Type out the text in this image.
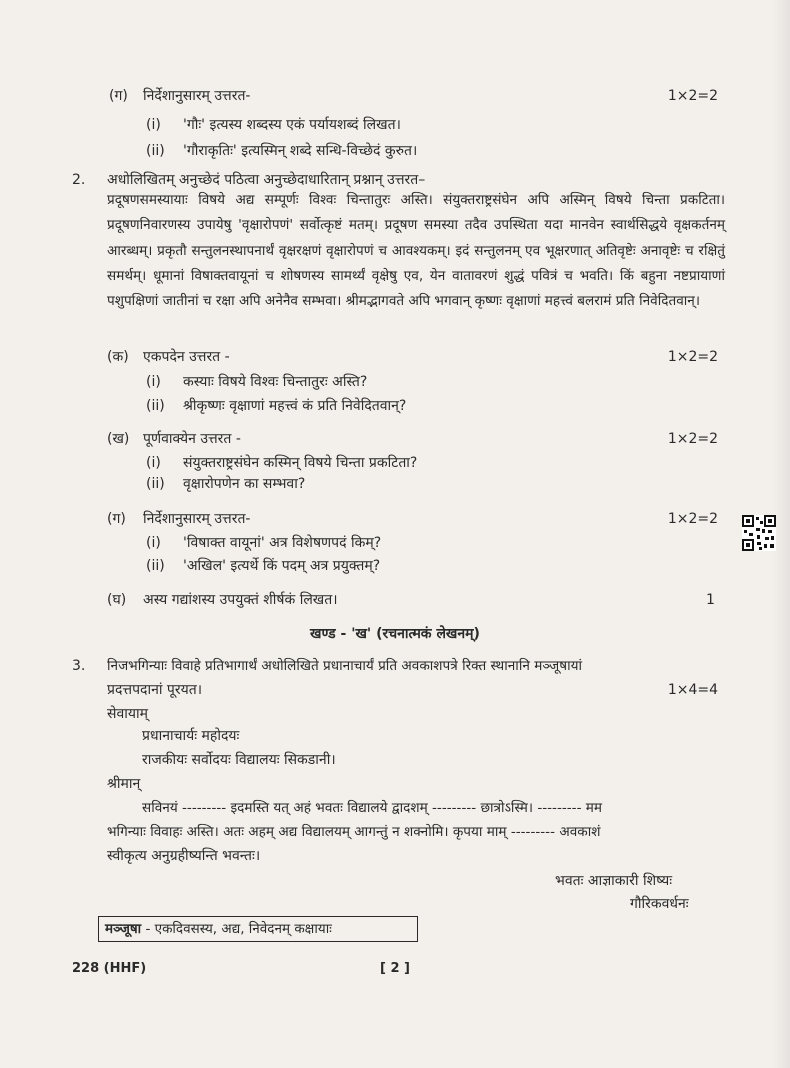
(ग) निर्देशानुसारम् उत्तरत-	1×2=2
(i) 'गौः' इत्यस्य शब्दस्य एकं पर्यायशब्दं लिखत।
(ii) 'गौराकृतिः' इत्यस्मिन् शब्दे सन्धि-विच्छेदं कुरुत।
2. अधोलिखितम् अनुच्छेदं पठित्वा अनुच्छेदाधारितान् प्रश्नान् उत्तरत–
प्रदूषणसमस्यायाः विषये अद्य सम्पूर्णः विश्वः चिन्तातुरः अस्ति। संयुक्तराष्ट्रसंघेन अपि अस्मिन् विषये चिन्ता प्रकटिता। प्रदूषणनिवारणस्य उपायेषु 'वृक्षारोपणं' सर्वोत्कृष्टं मतम्। प्रदूषण समस्या तदैव उपस्थिता यदा मानवेन स्वार्थसिद्धये वृक्षकर्तनम् आरब्धम्। प्रकृतौ सन्तुलनस्थापनार्थं वृक्षरक्षणं वृक्षारोपणं च आवश्यकम्। इदं सन्तुलनम् एव भूक्षरणात् अतिवृष्टेः अनावृष्टेः च रक्षितुं समर्थम्। धूमानां विषाक्तवायूनां च शोषणस्य सामर्थ्यं वृक्षेषु एव, येन वातावरणं शुद्धं पवित्रं च भवति। किं बहुना नष्टप्रायाणां पशुपक्षिणां जातीनां च रक्षा अपि अनेनैव सम्भवा। श्रीमद्भागवते अपि भगवान् कृष्णः वृक्षाणां महत्त्वं बलरामं प्रति निवेदितवान्।
(क) एकपदेन उत्तरत -	1×2=2
(i) कस्याः विषये विश्वः चिन्तातुरः अस्ति?
(ii) श्रीकृष्णः वृक्षाणां महत्त्वं कं प्रति निवेदितवान्?
(ख) पूर्णवाक्येन उत्तरत -	1×2=2
(i) संयुक्तराष्ट्रसंघेन कस्मिन् विषये चिन्ता प्रकटिता?
(ii) वृक्षारोपणेन का सम्भवा?
(ग) निर्देशानुसारम् उत्तरत-	1×2=2
(i) 'विषाक्त वायूनां' अत्र विशेषणपदं किम्?
(ii) 'अखिल' इत्यर्थे किं पदम् अत्र प्रयुक्तम्?
(घ) अस्य गद्यांशस्य उपयुक्तं शीर्षकं लिखत।	1
खण्ड - 'ख' (रचनात्मकं लेखनम्)
3. निजभगिन्याः विवाहे प्रतिभागार्थं अधोलिखिते प्रधानाचार्यं प्रति अवकाशपत्रे रिक्त स्थानानि मञ्जूषायां
प्रदत्तपदानां पूरयत।	1×4=4
सेवायाम्
प्रधानाचार्यः महोदयः
राजकीयः सर्वोदयः विद्यालयः सिकडानी।
श्रीमान्
सविनयं --------- इदमस्ति यत् अहं भवतः विद्यालये द्वादशम् --------- छात्रोऽस्मि। --------- मम
भगिन्याः विवाहः अस्ति। अतः अहम् अद्य विद्यालयम् आगन्तुं न शक्नोमि। कृपया माम् --------- अवकाशं
स्वीकृत्य अनुग्रहीष्यन्ति भवन्तः।
भवतः आज्ञाकारी शिष्यः
गौरिकवर्धनः
मञ्जूषा - एकदिवसस्य, अद्य, निवेदनम् कक्षायाः
228 (HHF)	[ 2 ]
